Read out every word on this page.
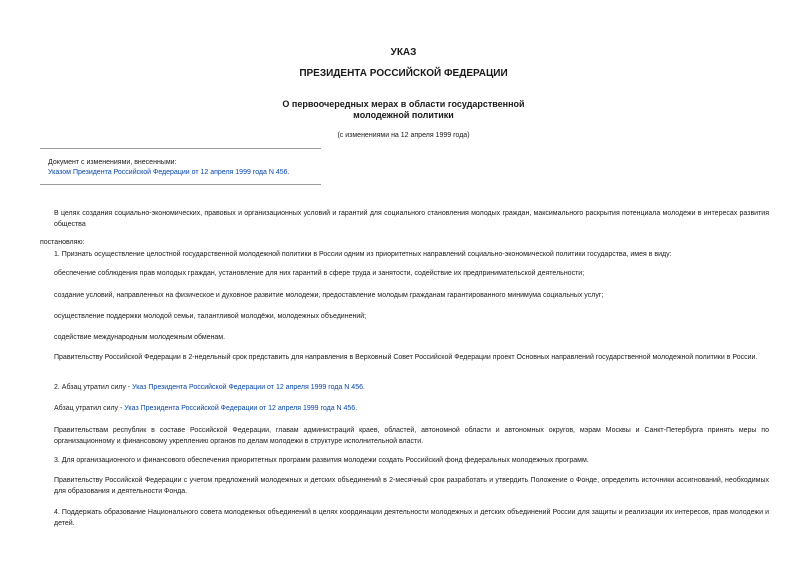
УКАЗ
ПРЕЗИДЕНТА РОССИЙСКОЙ ФЕДЕРАЦИИ
О первоочередных мерах в области государственной
молодежной политики
(с изменениями на 12 апреля 1999 года)
Документ с изменениями, внесенными:
Указом Президента Российской Федерации от 12 апреля 1999 года N 456.
В целях создания социально-экономических, правовых и организационных условий и гарантий для социального становления молодых граждан, максимального раскрытия потенциала молодежи в интересах развития общества
постановляю:
1. Признать осуществление целостной государственной молодежной политики в России одним из приоритетных направлений социально-экономической политики государства, имея в виду:
обеспечение соблюдения прав молодых граждан, установление для них гарантий в сфере труда и занятости, содействие их предпринимательской деятельности;
создание условий, направленных на физическое и духовное развитие молодежи, предоставление молодым гражданам гарантированного минимума социальных услуг;
осуществление поддержки молодой семьи, талантливой молодёжи, молодежных объединений;
содействие международным молодежным обменам.
Правительству Российской Федерации в 2-недельный срок представить для направления в Верховный Совет Российской Федерации проект Основных направлений государственной молодежной политики в России.
2. Абзац утратил силу - Указ Президента Российской Федерации от 12 апреля 1999 года N 456.
Абзац утратил силу - Указ Президента Российской Федерации от 12 апреля 1999 года N 456.
Правительствам республик в составе Российской Федерации, главам администраций краев, областей, автономной области и автономных округов, мэрам Москвы и Санкт-Петербурга принять меры по организационному и финансовому укреплению органов по делам молодежи в структуре исполнительной власти.
3. Для организационного и финансового обеспечения приоритетных программ развития молодежи создать Российский фонд федеральных молодежных программ.
Правительству Российской Федерации с учетом предложений молодежных и детских объединений в 2-месячный срок разработать и утвердить Положение о Фонде, определить источники ассигнований, необходимых для образования и деятельности Фонда.
4. Поддержать образование Национального совета молодежных объединений в целях координации деятельности молодежных и детских объединений России для защиты и реализации их интересов, прав молодежи и детей.
